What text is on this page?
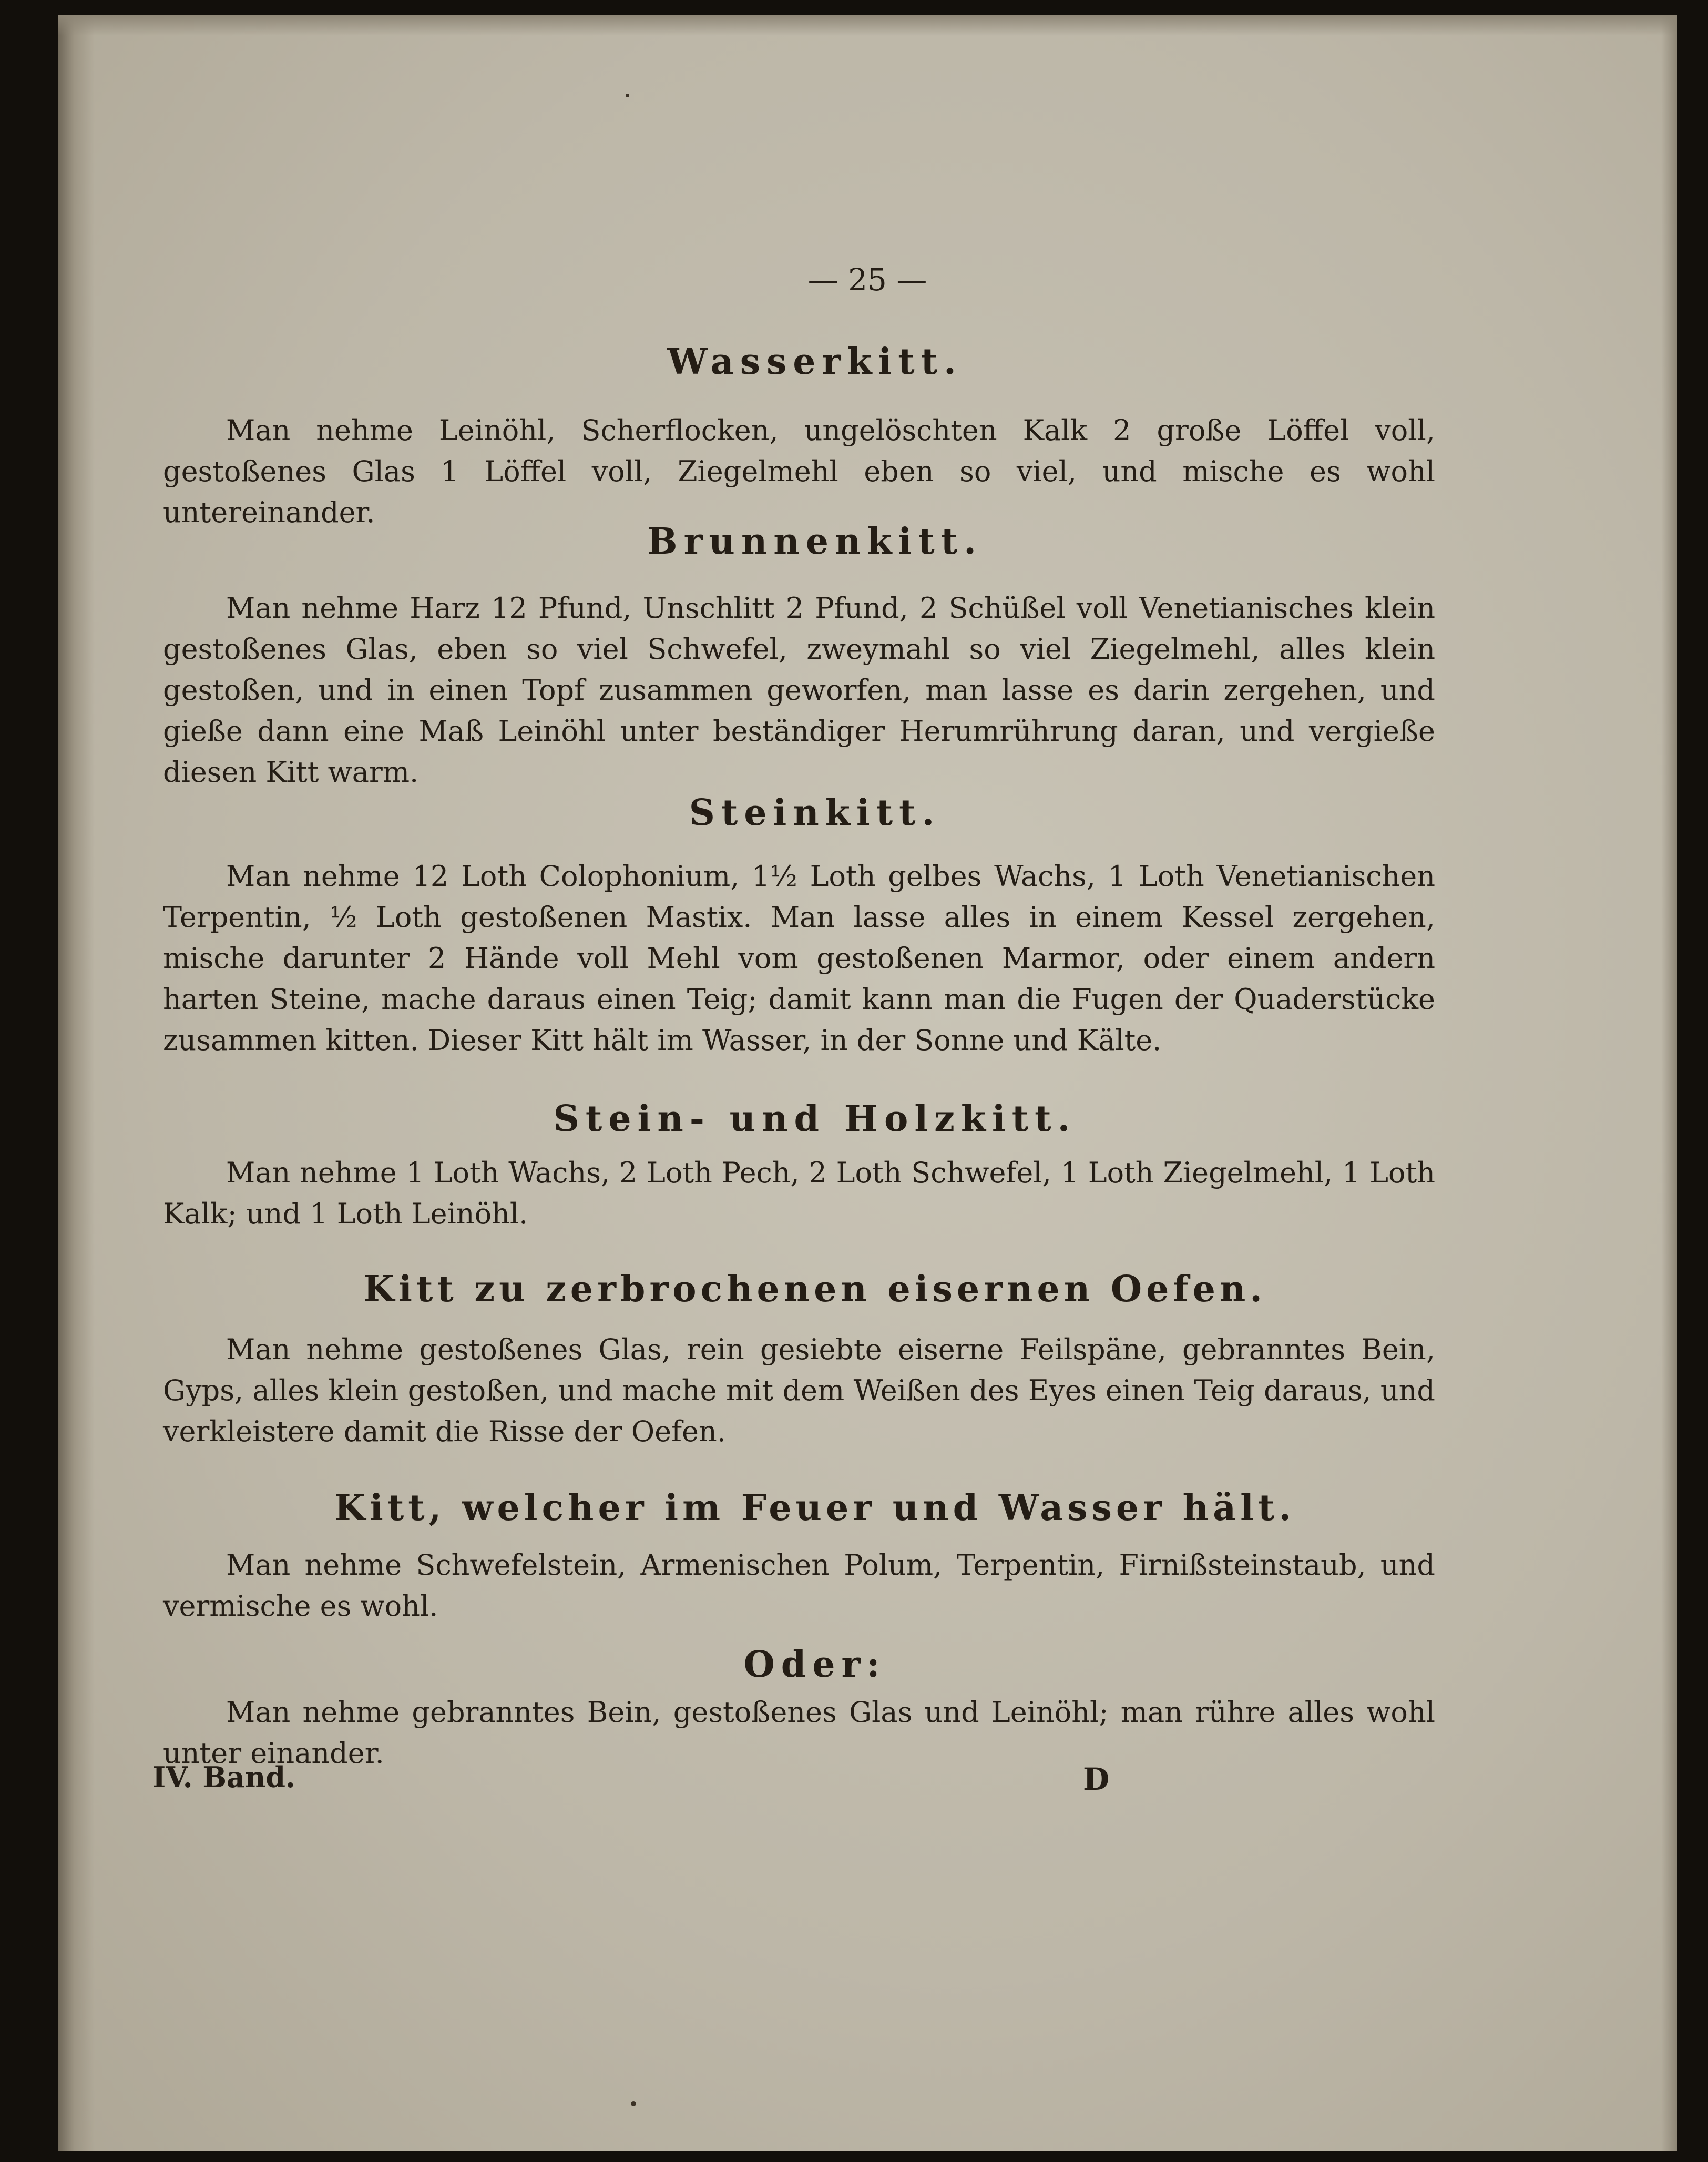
— 25 —
Wasserkitt.
Man nehme Leinöhl, Scherflocken, ungelöschten Kalk 2 große Löffel voll, gestoßenes Glas 1 Löffel voll, Ziegelmehl eben so viel, und mische es wohl untereinander.
Brunnenkitt.
Man nehme Harz 12 Pfund, Unschlitt 2 Pfund, 2 Schüßel voll Venetianisches klein gestoßenes Glas, eben so viel Schwefel, zweymahl so viel Ziegelmehl, alles klein gestoßen, und in einen Topf zusammen geworfen, man lasse es darin zergehen, und gieße dann eine Maß Leinöhl unter beständiger Herumrührung daran, und vergieße diesen Kitt warm.
Steinkitt.
Man nehme 12 Loth Colophonium, 1½ Loth gelbes Wachs, 1 Loth Venetianischen Terpentin, ½ Loth gestoßenen Mastix. Man lasse alles in einem Kessel zergehen, mische darunter 2 Hände voll Mehl vom gestoßenen Marmor, oder einem andern harten Steine, mache daraus einen Teig; damit kann man die Fugen der Quaderstücke zusammen kitten. Dieser Kitt hält im Wasser, in der Sonne und Kälte.
Stein- und Holzkitt.
Man nehme 1 Loth Wachs, 2 Loth Pech, 2 Loth Schwefel, 1 Loth Ziegelmehl, 1 Loth Kalk; und 1 Loth Leinöhl.
Kitt zu zerbrochenen eisernen Oefen.
Man nehme gestoßenes Glas, rein gesiebte eiserne Feilspäne, gebranntes Bein, Gyps, alles klein gestoßen, und mache mit dem Weißen des Eyes einen Teig daraus, und verkleistere damit die Risse der Oefen.
Kitt, welcher im Feuer und Wasser hält.
Man nehme Schwefelstein, Armenischen Polum, Terpentin, Firnißsteinstaub, und vermische es wohl.
Oder:
Man nehme gebranntes Bein, gestoßenes Glas und Leinöhl; man rühre alles wohl unter einander.
IV. Band.	D
